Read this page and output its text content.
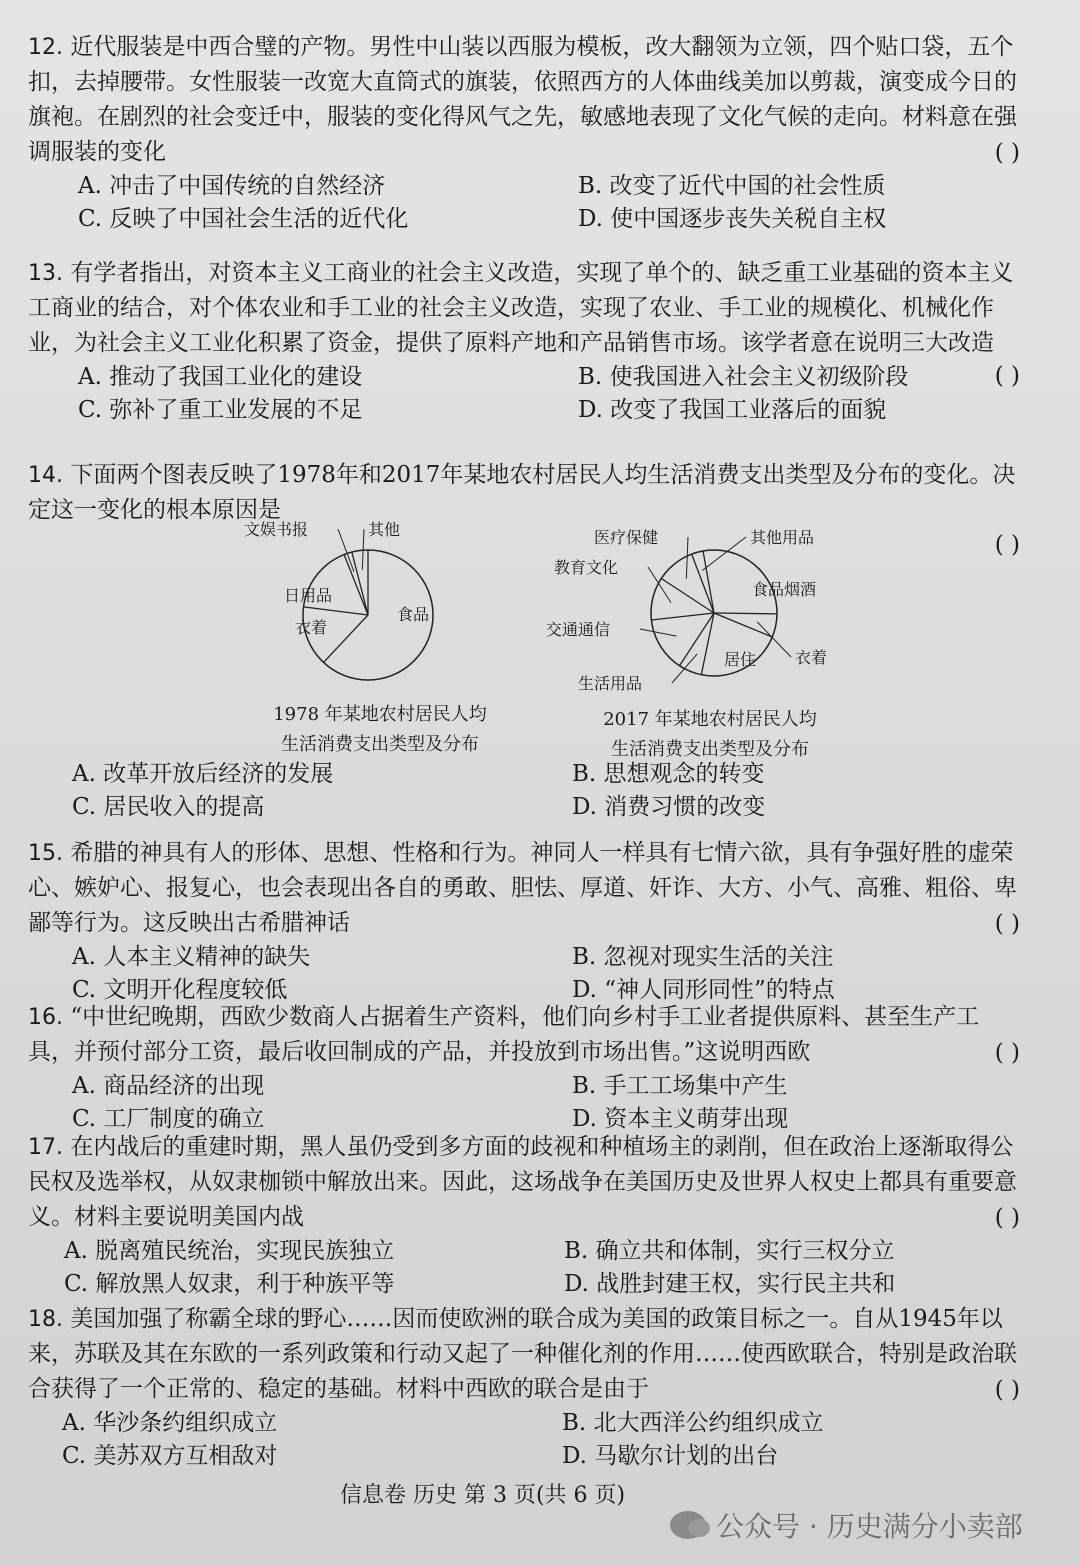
12. 近代服装是中西合璧的产物。男性中山装以西服为模板，改大翻领为立领，四个贴口袋，五个扣，去掉腰带。女性服装一改宽大直筒式的旗装，依照西方的人体曲线美加以剪裁，演变成今日的旗袍。在剧烈的社会变迁中，服装的变化得风气之先，敏感地表现了文化气候的走向。材料意在强调服装的变化	( )
A. 冲击了中国传统的自然经济	B. 改变了近代中国的社会性质
C. 反映了中国社会生活的近代化	D. 使中国逐步丧失关税自主权

13. 有学者指出，对资本主义工商业的社会主义改造，实现了单个的、缺乏重工业基础的资本主义工商业的结合，对个体农业和手工业的社会主义改造，实现了农业、手工业的规模化、机械化作业，为社会主义工业化积累了资金，提供了原料产地和产品销售市场。该学者意在说明三大改造

( )
A. 推动了我国工业化的建设	B. 使我国进入社会主义初级阶段
C. 弥补了重工业发展的不足	D. 改变了我国工业落后的面貌

14. 下面两个图表反映了1978年和2017年某地农村居民人均生活消费支出类型及分布的变化。决定这一变化的根本原因是

( )
食品
衣着
日用品
文娱书报	其他
食品烟酒
衣着
居住
生活用品
交通通信
教育文化
医疗保健	其他用品
1978 年某地农村居民人均
生活消费支出类型及分布
2017 年某地农村居民人均
生活消费支出类型及分布
A. 改革开放后经济的发展	B. 思想观念的转变
C. 居民收入的提高	D. 消费习惯的改变

15. 希腊的神具有人的形体、思想、性格和行为。神同人一样具有七情六欲，具有争强好胜的虚荣心、嫉妒心、报复心，也会表现出各自的勇敢、胆怯、厚道、奸诈、大方、小气、高雅、粗俗、卑鄙等行为。这反映出古希腊神话	( )
A. 人本主义精神的缺失	B. 忽视对现实生活的关注
C. 文明开化程度较低	D. “神人同形同性”的特点

16. “中世纪晚期，西欧少数商人占据着生产资料，他们向乡村手工业者提供原料、甚至生产工具，并预付部分工资，最后收回制成的产品，并投放到市场出售。”这说明西欧	( )
A. 商品经济的出现	B. 手工工场集中产生
C. 工厂制度的确立	D. 资本主义萌芽出现

17. 在内战后的重建时期，黑人虽仍受到多方面的歧视和种植场主的剥削，但在政治上逐渐取得公民权及选举权，从奴隶枷锁中解放出来。因此，这场战争在美国历史及世界人权史上都具有重要意义。材料主要说明美国内战	( )
A. 脱离殖民统治，实现民族独立	B. 确立共和体制，实行三权分立
C. 解放黑人奴隶，利于种族平等	D. 战胜封建王权，实行民主共和

18. 美国加强了称霸全球的野心……因而使欧洲的联合成为美国的政策目标之一。自从1945年以来，苏联及其在东欧的一系列政策和行动又起了一种催化剂的作用……使西欧联合，特别是政治联合获得了一个正常的、稳定的基础。材料中西欧的联合是由于	( )
A. 华沙条约组织成立	B. 北大西洋公约组织成立
C. 美苏双方互相敌对	D. 马歇尔计划的出台
信息卷 历史 第 3 页(共 6 页)
公众号 · 历史满分小卖部
